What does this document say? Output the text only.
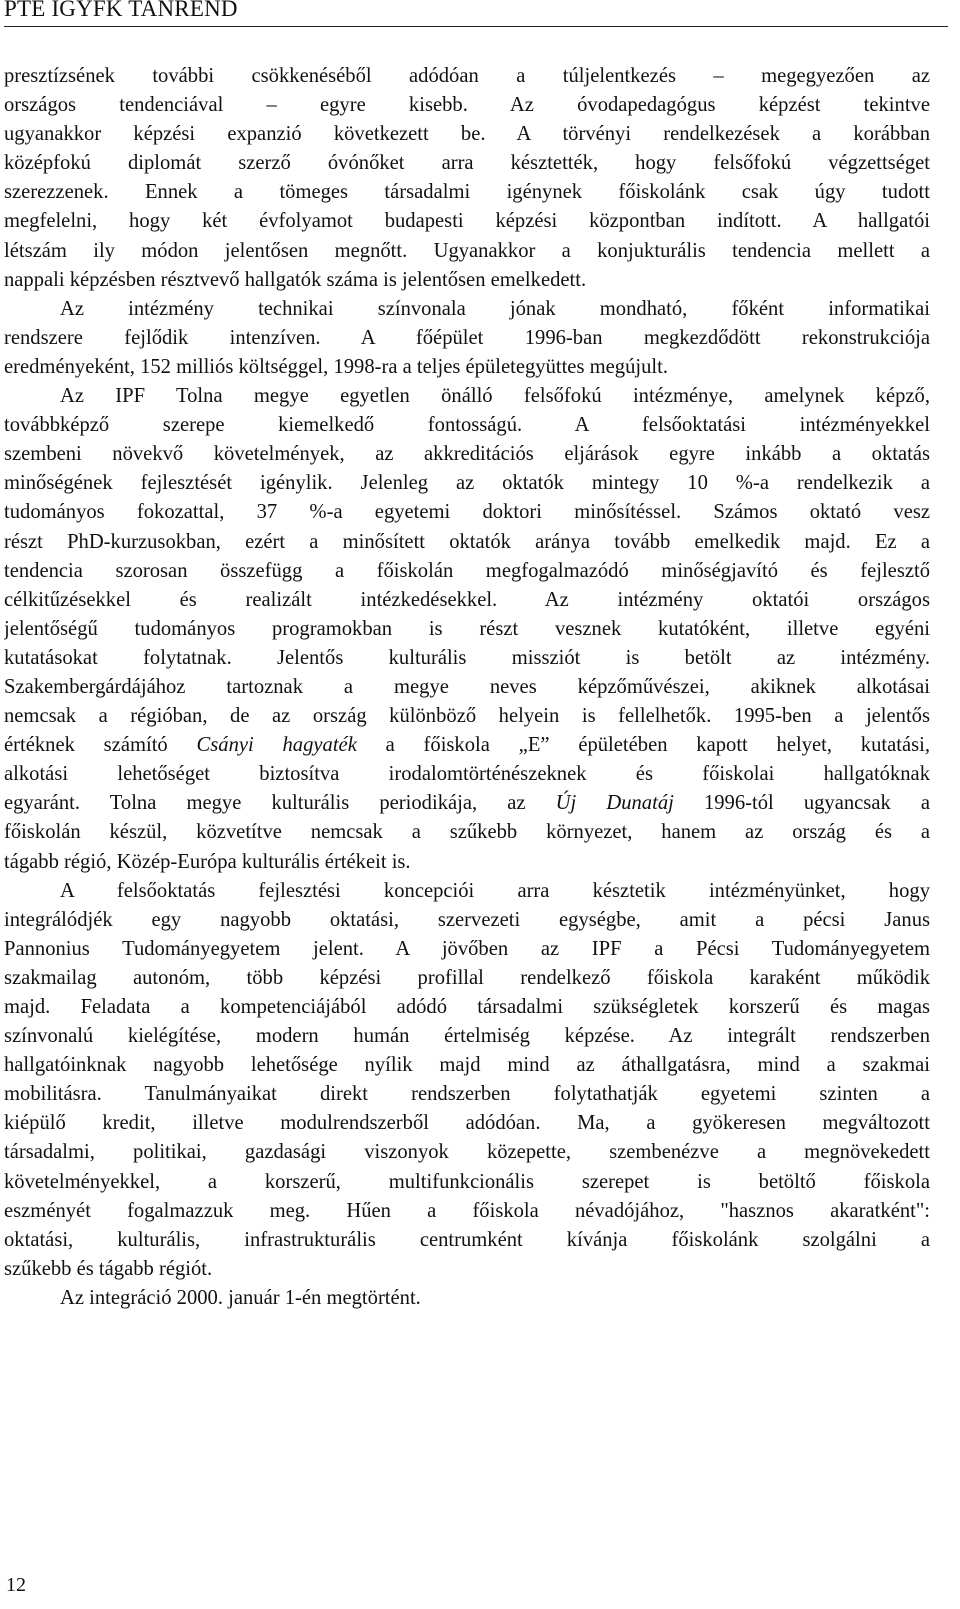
PTE IGYFK TANREND
presztízsének további csökkenéséből adódóan a túljelentkezés – megegyezően az
országos tendenciával – egyre kisebb. Az óvodapedagógus képzést tekintve
ugyanakkor képzési expanzió következett be. A törvényi rendelkezések a korábban
középfokú diplomát szerző óvónőket arra késztették, hogy felsőfokú végzettséget
szerezzenek. Ennek a tömeges társadalmi igénynek főiskolánk csak úgy tudott
megfelelni, hogy két évfolyamot budapesti képzési központban indított. A hallgatói
létszám ily módon jelentősen megnőtt. Ugyanakkor a konjukturális tendencia mellett a
nappali képzésben résztvevő hallgatók száma is jelentősen emelkedett.
Az intézmény technikai színvonala jónak mondható, főként informatikai
rendszere fejlődik intenzíven. A főépület 1996-ban megkezdődött rekonstrukciója
eredményeként, 152 milliós költséggel, 1998-ra a teljes épületegyüttes megújult.
Az IPF Tolna megye egyetlen önálló felsőfokú intézménye, amelynek képző,
továbbképző szerepe kiemelkedő fontosságú. A felsőoktatási intézményekkel
szembeni növekvő követelmények, az akkreditációs eljárások egyre inkább a oktatás
minőségének fejlesztését igénylik. Jelenleg az oktatók mintegy 10 %-a rendelkezik a
tudományos fokozattal, 37 %-a egyetemi doktori minősítéssel. Számos oktató vesz
részt PhD-kurzusokban, ezért a minősített oktatók aránya tovább emelkedik majd. Ez a
tendencia szorosan összefügg a főiskolán megfogalmazódó minőségjavító és fejlesztő
célkitűzésekkel és realizált intézkedésekkel. Az intézmény oktatói országos
jelentőségű tudományos programokban is részt vesznek kutatóként, illetve egyéni
kutatásokat folytatnak. Jelentős kulturális missziót is betölt az intézmény.
Szakembergárdájához tartoznak a megye neves képzőművészei, akiknek alkotásai
nemcsak a régióban, de az ország különböző helyein is fellelhetők. 1995-ben a jelentős
értéknek számító Csányi hagyaték a főiskola „E” épületében kapott helyet, kutatási,
alkotási lehetőséget biztosítva irodalomtörténészeknek és főiskolai hallgatóknak
egyaránt. Tolna megye kulturális periodikája, az Új Dunatáj 1996-tól ugyancsak a
főiskolán készül, közvetítve nemcsak a szűkebb környezet, hanem az ország és a
tágabb régió, Közép-Európa kulturális értékeit is.
A felsőoktatás fejlesztési koncepciói arra késztetik intézményünket, hogy
integrálódjék egy nagyobb oktatási, szervezeti egységbe, amit a pécsi Janus
Pannonius Tudományegyetem jelent. A jövőben az IPF a Pécsi Tudományegyetem
szakmailag autonóm, több képzési profillal rendelkező főiskola karaként működik
majd. Feladata a kompetenciájából adódó társadalmi szükségletek korszerű és magas
színvonalú kielégítése, modern humán értelmiség képzése. Az integrált rendszerben
hallgatóinknak nagyobb lehetősége nyílik majd mind az áthallgatásra, mind a szakmai
mobilitásra. Tanulmányaikat direkt rendszerben folytathatják egyetemi szinten a
kiépülő kredit, illetve modulrendszerből adódóan. Ma, a gyökeresen megváltozott
társadalmi, politikai, gazdasági viszonyok közepette, szembenézve a megnövekedett
követelményekkel, a korszerű, multifunkcionális szerepet is betöltő főiskola
eszményét fogalmazzuk meg. Hűen a főiskola névadójához, "hasznos akaratként":
oktatási, kulturális, infrastrukturális centrumként kívánja főiskolánk szolgálni a
szűkebb és tágabb régiót.
Az integráció 2000. január 1-én megtörtént.
12
